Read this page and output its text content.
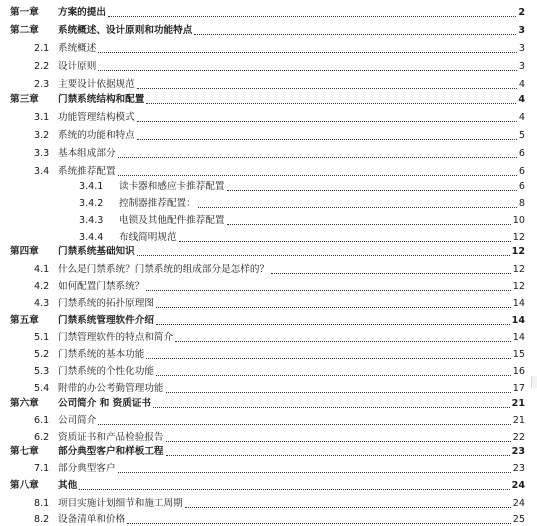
第一章	方案的提出	2
第二章	系统概述、设计原则和功能特点	3
2.1 系统概述	3
2.2 设计原则	3
2.3 主要设计依据规范	4
第三章	门禁系统结构和配置	4
3.1 功能管理结构模式	4
3.2 系统的功能和特点	5
3.3 基本组成部分	6
3.4 系统推荐配置	6
3.4.1	读卡器和感应卡推荐配置	6
3.4.2	控制器推荐配置：	8
3.4.3	电锁及其他配件推荐配置	10
3.4.4	布线简明规范	12
第四章	门禁系统基础知识	12
4.1 什么是门禁系统？门禁系统的组成部分是怎样的？	12
4.2 如何配置门禁系统？	12
4.3 门禁系统的拓扑原理图	14
第五章	门禁系统管理软件介绍	14
5.1 门禁管理软件的特点和简介	14
5.2 门禁系统的基本功能	15
5.3 门禁系统的个性化功能	16
5.4 附带的办公考勤管理功能	17
第六章	公司简介 和 资质证书	21
6.1 公司简介	21
6.2 资质证书和产品检验报告	22
第七章	部分典型客户和样板工程	23
7.1 部分典型客户	23
第八章	其他	24
8.1 项目实施计划细节和施工周期	24
8.2 设备清单和价格	25
